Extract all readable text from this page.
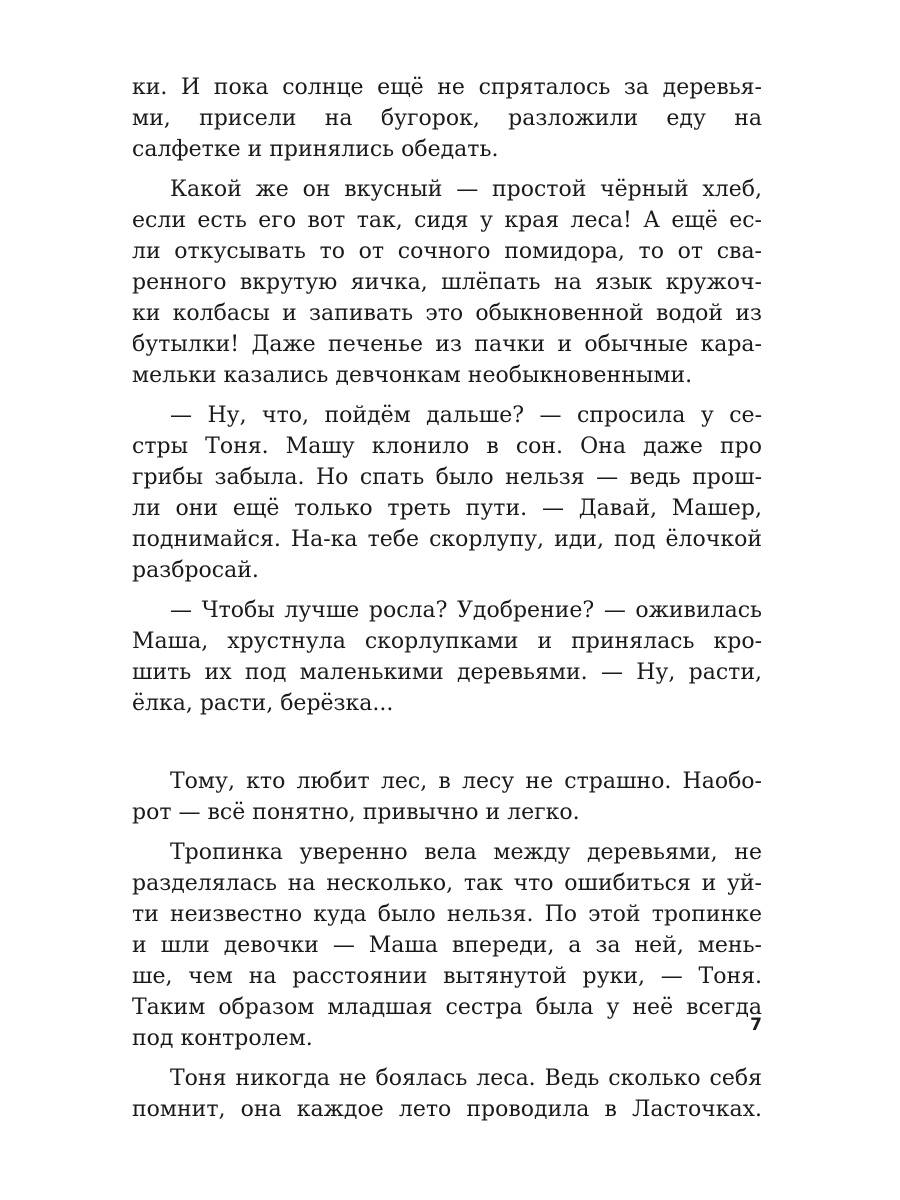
ки. И пока солнце ещё не спряталось за деревья-
ми, присели на бугорок, разложили еду на
салфетке и принялись обедать.
Какой же он вкусный — простой чёрный хлеб,
если есть его вот так, сидя у края леса! А ещё ес-
ли откусывать то от сочного помидора, то от сва-
ренного вкрутую яичка, шлёпать на язык кружоч-
ки колбасы и запивать это обыкновенной водой из
бутылки! Даже печенье из пачки и обычные кара-
мельки казались девчонкам необыкновенными.
— Ну, что, пойдём дальше? — спросила у се-
стры Тоня. Машу клонило в сон. Она даже про
грибы забыла. Но спать было нельзя — ведь прош-
ли они ещё только треть пути. — Давай, Машер,
поднимайся. На-ка тебе скорлупу, иди, под ёлочкой
разбросай.
— Чтобы лучше росла? Удобрение? — оживилась
Маша, хрустнула скорлупками и принялась кро-
шить их под маленькими деревьями. — Ну, расти,
ёлка, расти, берёзка...
Тому, кто любит лес, в лесу не страшно. Наобо-
рот — всё понятно, привычно и легко.
Тропинка уверенно вела между деревьями, не
разделялась на несколько, так что ошибиться и уй-
ти неизвестно куда было нельзя. По этой тропинке
и шли девочки — Маша впереди, а за ней, мень-
ше, чем на расстоянии вытянутой руки, — Тоня.
Таким образом младшая сестра была у неё всегда
под контролем.
Тоня никогда не боялась леса. Ведь сколько себя
помнит, она каждое лето проводила в Ласточках.
7
